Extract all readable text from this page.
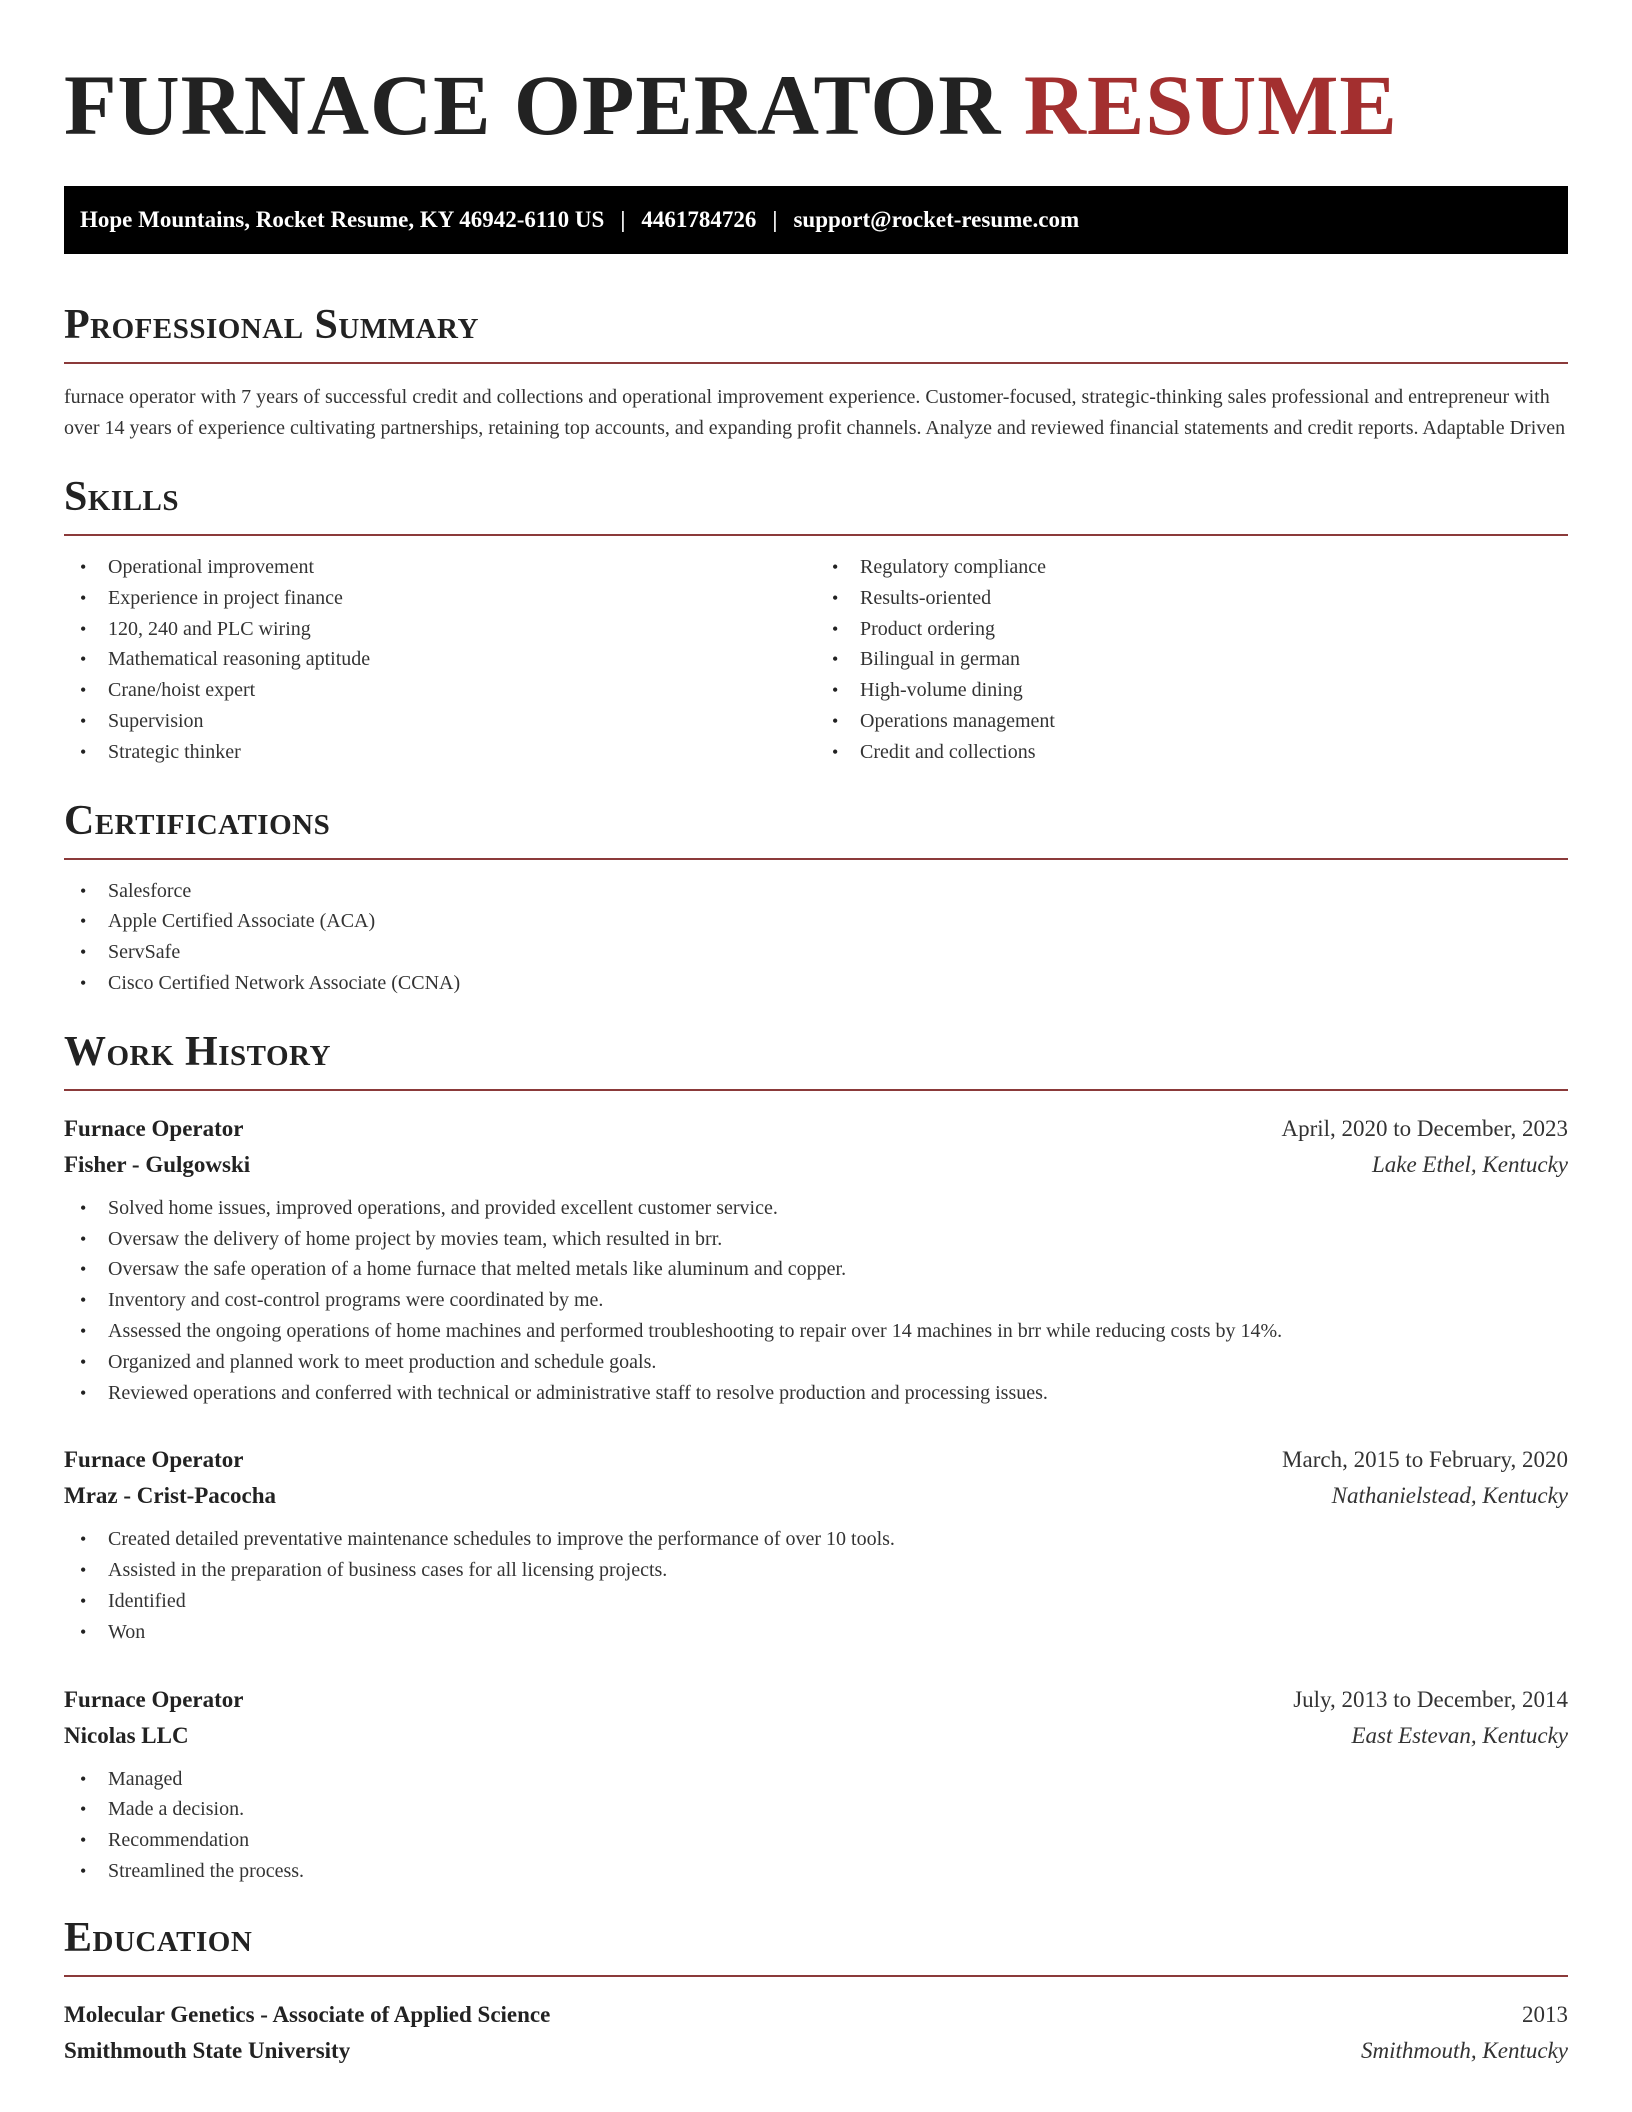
FURNACE OPERATOR RESUME
Hope Mountains, Rocket Resume, KY 46942-6110 US | 4461784726 | support@rocket-resume.com
Professional Summary

furnace operator with 7 years of successful credit and collections and operational improvement experience. Customer-focused, strategic-thinking sales professional and entrepreneur with over 14 years of experience cultivating partnerships, retaining top accounts, and expanding profit channels. Analyze and reviewed financial statements and credit reports. Adaptable Driven

Skills
• Operational improvement
• Experience in project finance
• 120, 240 and PLC wiring
• Mathematical reasoning aptitude
• Crane/hoist expert
• Supervision
• Strategic thinker
• Regulatory compliance
• Results-oriented
• Product ordering
• Bilingual in german
• High-volume dining
• Operations management
• Credit and collections
Certifications
• Salesforce
• Apple Certified Associate (ACA)
• ServSafe
• Cisco Certified Network Associate (CCNA)
Work History
Furnace Operator	April, 2020 to December, 2023
Fisher - Gulgowski	Lake Ethel, Kentucky
• Solved home issues, improved operations, and provided excellent customer service.
• Oversaw the delivery of home project by movies team, which resulted in brr.
• Oversaw the safe operation of a home furnace that melted metals like aluminum and copper.
• Inventory and cost-control programs were coordinated by me.
• Assessed the ongoing operations of home machines and performed troubleshooting to repair over 14 machines in brr while reducing costs by 14%.
• Organized and planned work to meet production and schedule goals.
• Reviewed operations and conferred with technical or administrative staff to resolve production and processing issues.
Furnace Operator	March, 2015 to February, 2020
Mraz - Crist-Pacocha	Nathanielstead, Kentucky
• Created detailed preventative maintenance schedules to improve the performance of over 10 tools.
• Assisted in the preparation of business cases for all licensing projects.
• Identified
• Won
Furnace Operator	July, 2013 to December, 2014
Nicolas LLC	East Estevan, Kentucky
• Managed
• Made a decision.
• Recommendation
• Streamlined the process.
Education
Molecular Genetics - Associate of Applied Science	2013
Smithmouth State University	Smithmouth, Kentucky
